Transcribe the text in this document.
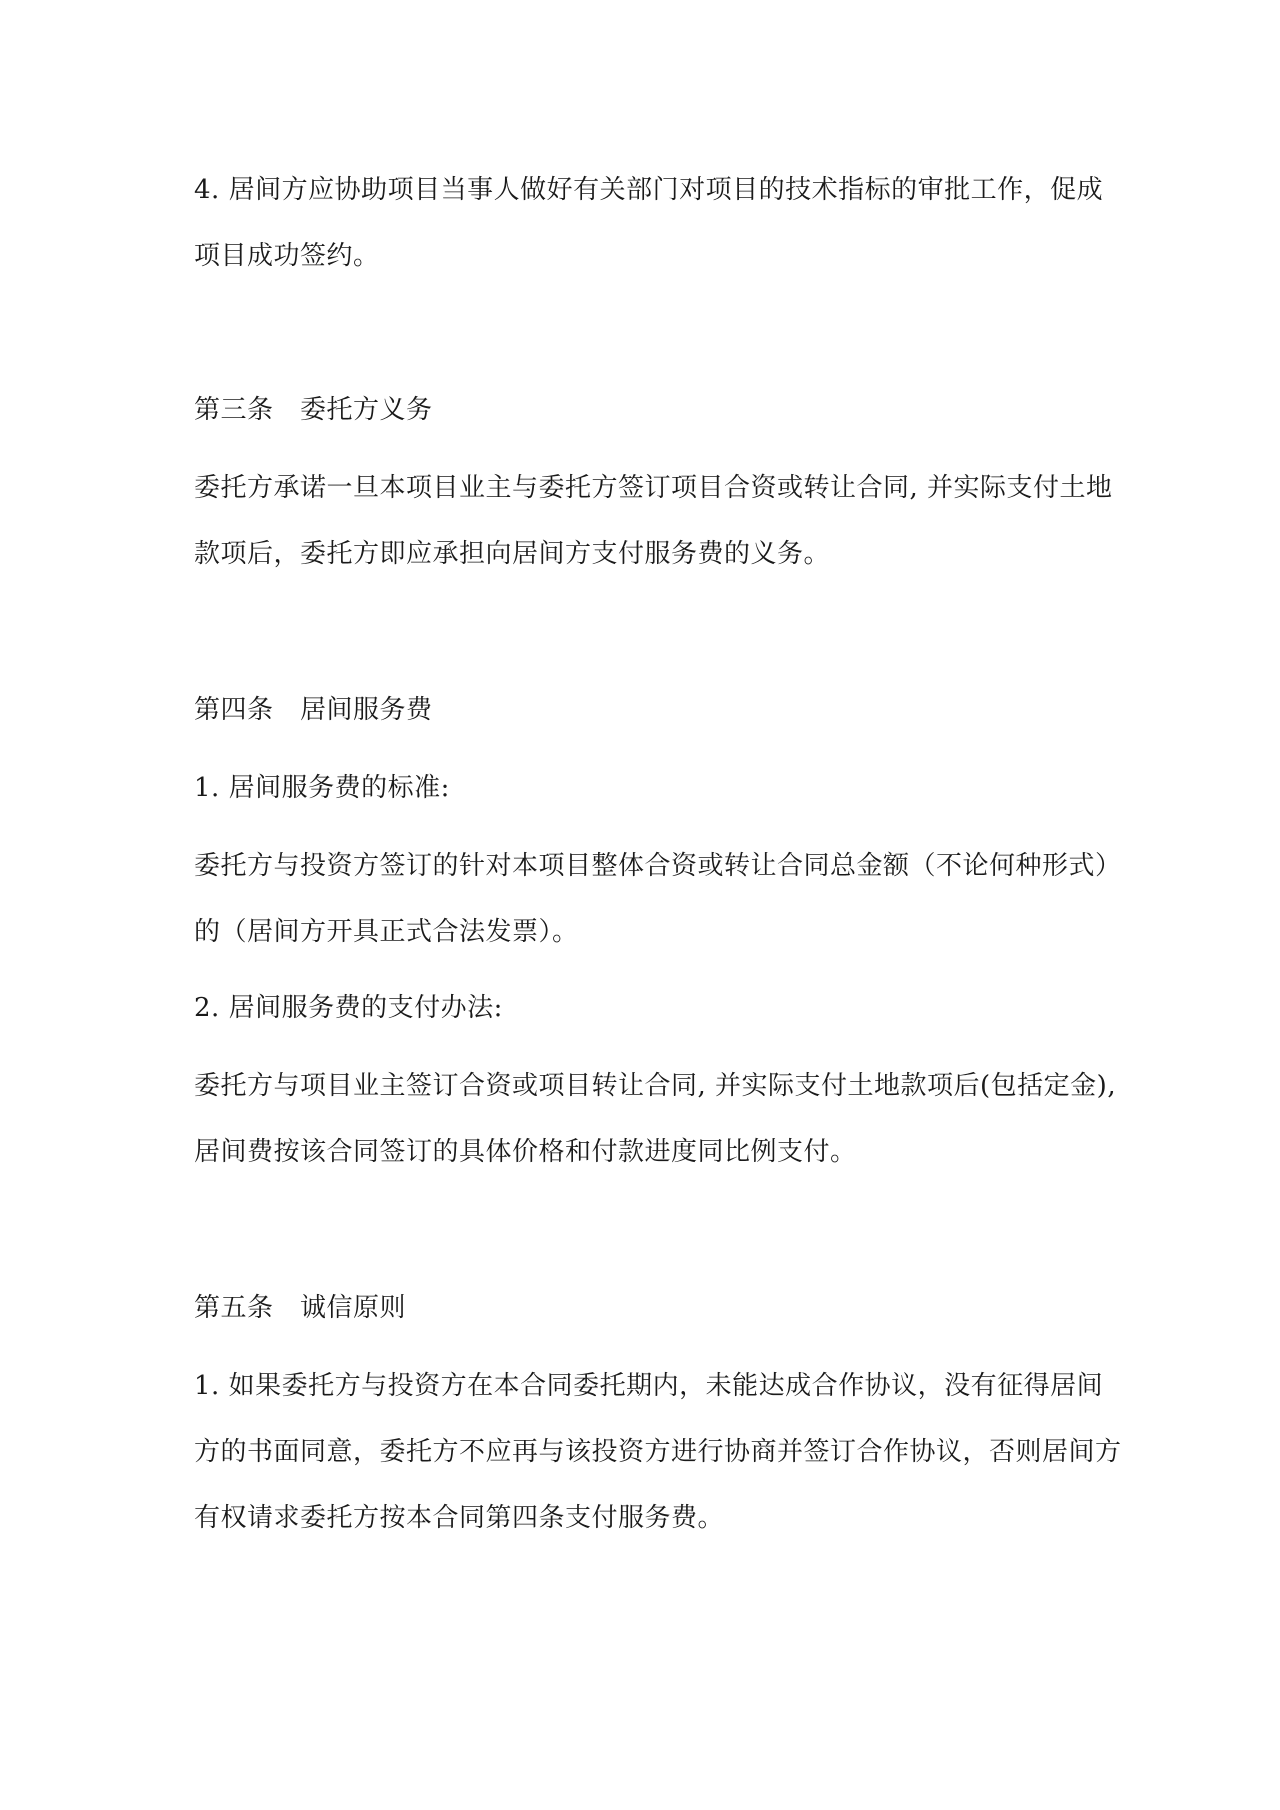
4. 居间方应协助项目当事人做好有关部门对项目的技术指标的审批工作，促成
项目成功签约。
第三条　委托方义务
委托方承诺一旦本项目业主与委托方签订项目合资或转让合同, 并实际支付土地
款项后，委托方即应承担向居间方支付服务费的义务。
第四条　居间服务费
1. 居间服务费的标准:
委托方与投资方签订的针对本项目整体合资或转让合同总金额（不论何种形式）
的（居间方开具正式合法发票）。
2. 居间服务费的支付办法:
委托方与项目业主签订合资或项目转让合同, 并实际支付土地款项后(包括定金),
居间费按该合同签订的具体价格和付款进度同比例支付。
第五条　诚信原则
1. 如果委托方与投资方在本合同委托期内，未能达成合作协议，没有征得居间
方的书面同意，委托方不应再与该投资方进行协商并签订合作协议，否则居间方
有权请求委托方按本合同第四条支付服务费。
